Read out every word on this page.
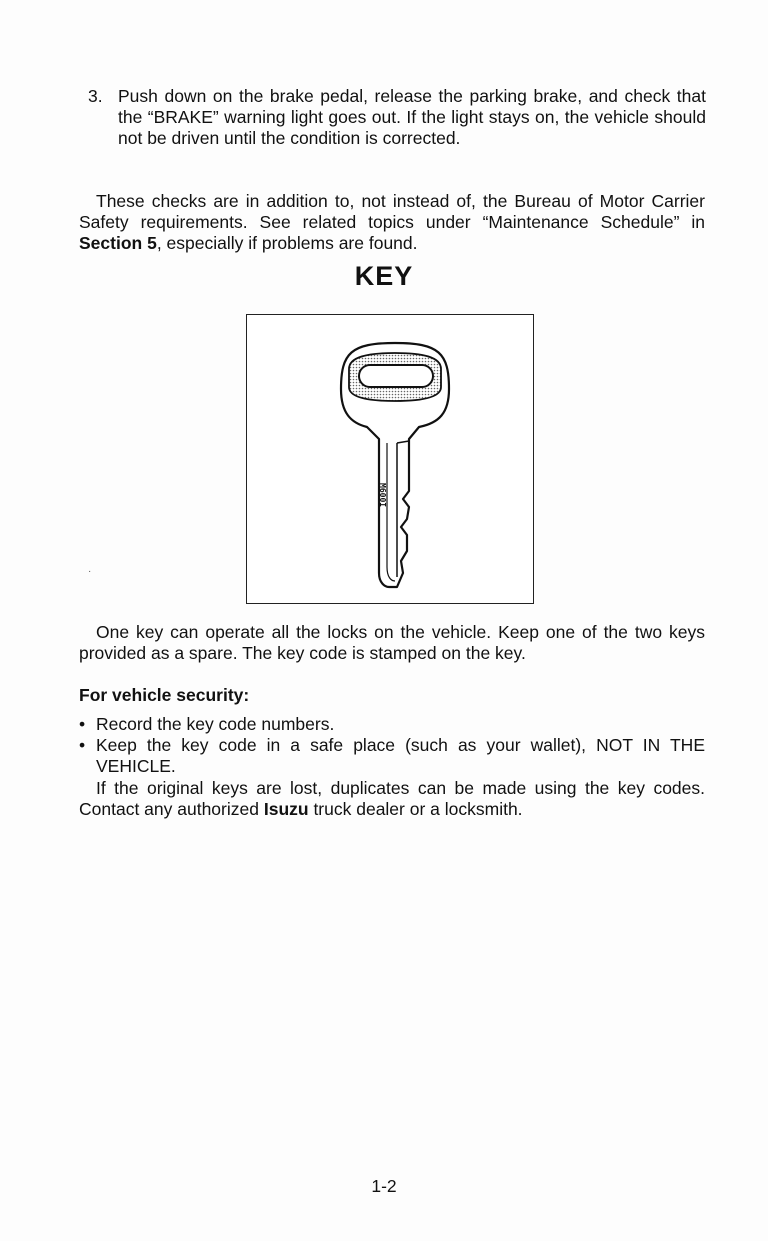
3. Push down on the brake pedal, release the parking brake, and check that the “BRAKE” warning light goes out. If the light stays on, the vehicle should not be driven until the condition is corrected.
These checks are in addition to, not instead of, the Bureau of Motor Carrier Safety requirements. See related topics under “Maintenance Schedule” in Section 5, especially if problems are found.
KEY
M600I
·
One key can operate all the locks on the vehicle. Keep one of the two keys provided as a spare. The key code is stamped on the key.
For vehicle security:
• Record the key code numbers.
• Keep the key code in a safe place (such as your wallet), NOT IN THE VEHICLE.
If the original keys are lost, duplicates can be made using the key codes. Contact any authorized Isuzu truck dealer or a locksmith.
1-2
